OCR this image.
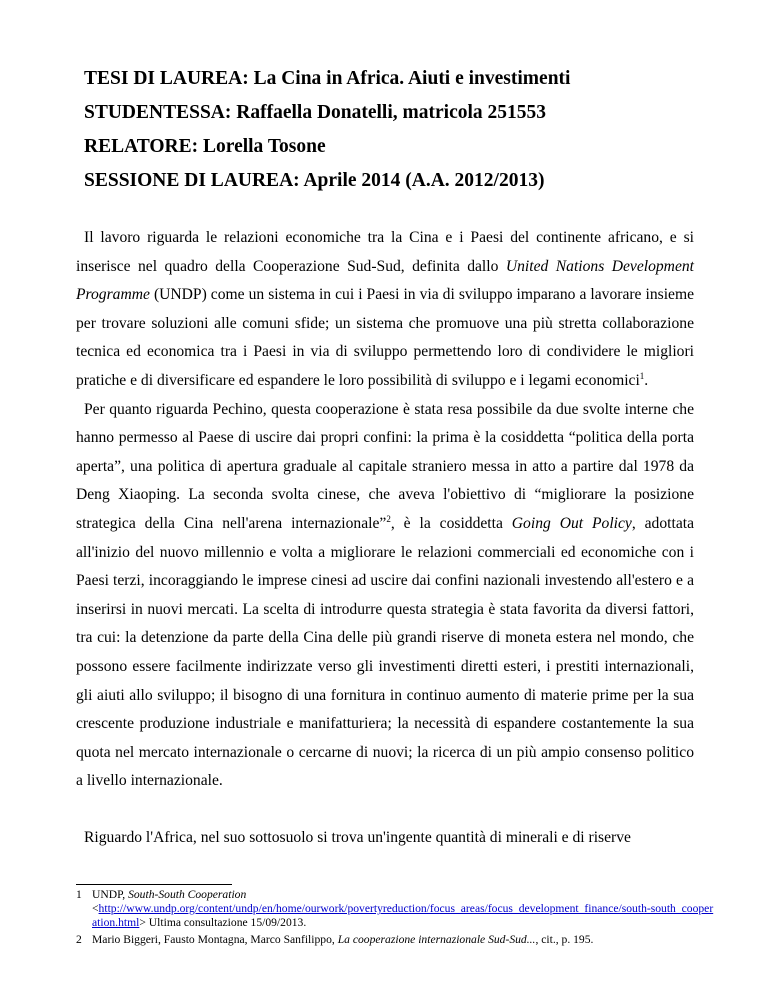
TESI DI LAUREA: La Cina in Africa. Aiuti e investimenti

STUDENTESSA: Raffaella Donatelli, matricola 251553

RELATORE: Lorella Tosone

SESSIONE DI LAUREA: Aprile 2014 (A.A. 2012/2013)

Il lavoro riguarda le relazioni economiche tra la Cina e i Paesi del continente africano, e si inserisce nel quadro della Cooperazione Sud-Sud, definita dallo United Nations Development Programme (UNDP) come un sistema in cui i Paesi in via di sviluppo imparano a lavorare insieme per trovare soluzioni alle comuni sfide; un sistema che promuove una più stretta collaborazione tecnica ed economica tra i Paesi in via di sviluppo permettendo loro di condividere le migliori pratiche e di diversificare ed espandere le loro possibilità di sviluppo e i legami economici$^1$.

Per quanto riguarda Pechino, questa cooperazione è stata resa possibile da due svolte interne che hanno permesso al Paese di uscire dai propri confini: la prima è la cosiddetta “politica della porta aperta”, una politica di apertura graduale al capitale straniero messa in atto a partire dal 1978 da Deng Xiaoping. La seconda svolta cinese, che aveva l'obiettivo di “migliorare la posizione strategica della Cina nell'arena internazionale”$^2$, è la cosiddetta Going Out Policy, adottata all'inizio del nuovo millennio e volta a migliorare le relazioni commerciali ed economiche con i Paesi terzi, incoraggiando le imprese cinesi ad uscire dai confini nazionali investendo all'estero e a inserirsi in nuovi mercati. La scelta di introdurre questa strategia è stata favorita da diversi fattori, tra cui: la detenzione da parte della Cina delle più grandi riserve di moneta estera nel mondo, che possono essere facilmente indirizzate verso gli investimenti diretti esteri, i prestiti internazionali, gli aiuti allo sviluppo; il bisogno di una fornitura in continuo aumento di materie prime per la sua crescente produzione industriale e manifatturiera; la necessità di espandere costantemente la sua quota nel mercato internazionale o cercarne di nuovi; la ricerca di un più ampio consenso politico a livello internazionale.

Riguardo l'Africa, nel suo sottosuolo si trova un'ingente quantità di minerali e di riserve

1 UNDP, South-South Cooperation
<http://www.undp.org/content/undp/en/home/ourwork/povertyreduction/focus_areas/focus_development_finance/south-south_cooperation.html> Ultima consultazione 15/09/2013.

2 Mario Biggeri, Fausto Montagna, Marco Sanfilippo, La cooperazione internazionale Sud-Sud..., cit., p. 195.
